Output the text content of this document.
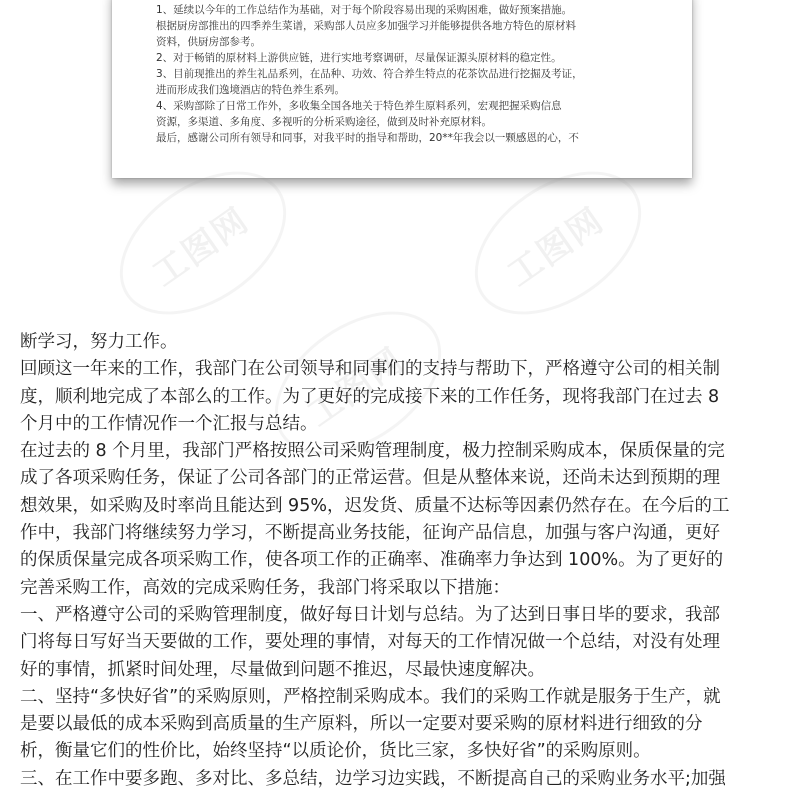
1、延续以今年的工作总结作为基础，对于每个阶段容易出现的采购困难，做好预案措施。
根据厨房部推出的四季养生菜谱，采购部人员应多加强学习并能够提供各地方特色的原材料
资料，供厨房部参考。
2、对于畅销的原材料上游供应链，进行实地考察调研，尽量保证源头原材料的稳定性。
3、目前现推出的养生礼品系列，在品种、功效、符合养生特点的花茶饮品进行挖掘及考证，
进而形成我们逸境酒店的特色养生系列。
4、采购部除了日常工作外，多收集全国各地关于特色养生原料系列，宏观把握采购信息
资源，多渠道、多角度、多视听的分析采购途径，做到及时补充原材料。
最后，感谢公司所有领导和同事，对我平时的指导和帮助，20**年我会以一颗感恩的心，不
工图网	工图网
工图网
断学习，努力工作。
回顾这一年来的工作，我部门在公司领导和同事们的支持与帮助下，严格遵守公司的相关制
度，顺利地完成了本部么的工作。为了更好的完成接下来的工作任务，现将我部门在过去 8
个月中的工作情况作一个汇报与总结。
在过去的 8 个月里，我部门严格按照公司采购管理制度，极力控制采购成本，保质保量的完
成了各项采购任务，保证了公司各部门的正常运营。但是从整体来说，还尚未达到预期的理
想效果，如采购及时率尚且能达到 95%，迟发货、质量不达标等因素仍然存在。在今后的工
作中，我部门将继续努力学习，不断提高业务技能，征询产品信息，加强与客户沟通，更好
的保质保量完成各项采购工作，使各项工作的正确率、准确率力争达到 100%。为了更好的
完善采购工作，高效的完成采购任务，我部门将采取以下措施：
一、严格遵守公司的采购管理制度，做好每日计划与总结。为了达到日事日毕的要求，我部
门将每日写好当天要做的工作，要处理的事情，对每天的工作情况做一个总结，对没有处理
好的事情，抓紧时间处理，尽量做到问题不推迟，尽最快速度解决。
二、坚持“多快好省”的采购原则，严格控制采购成本。我们的采购工作就是服务于生产，就
是要以最低的成本采购到高质量的生产原料，所以一定要对要采购的原材料进行细致的分
析，衡量它们的性价比，始终坚持“以质论价，货比三家，多快好省”的采购原则。
三、在工作中要多跑、多对比、多总结，边学习边实践，不断提高自己的采购业务水平;加强
